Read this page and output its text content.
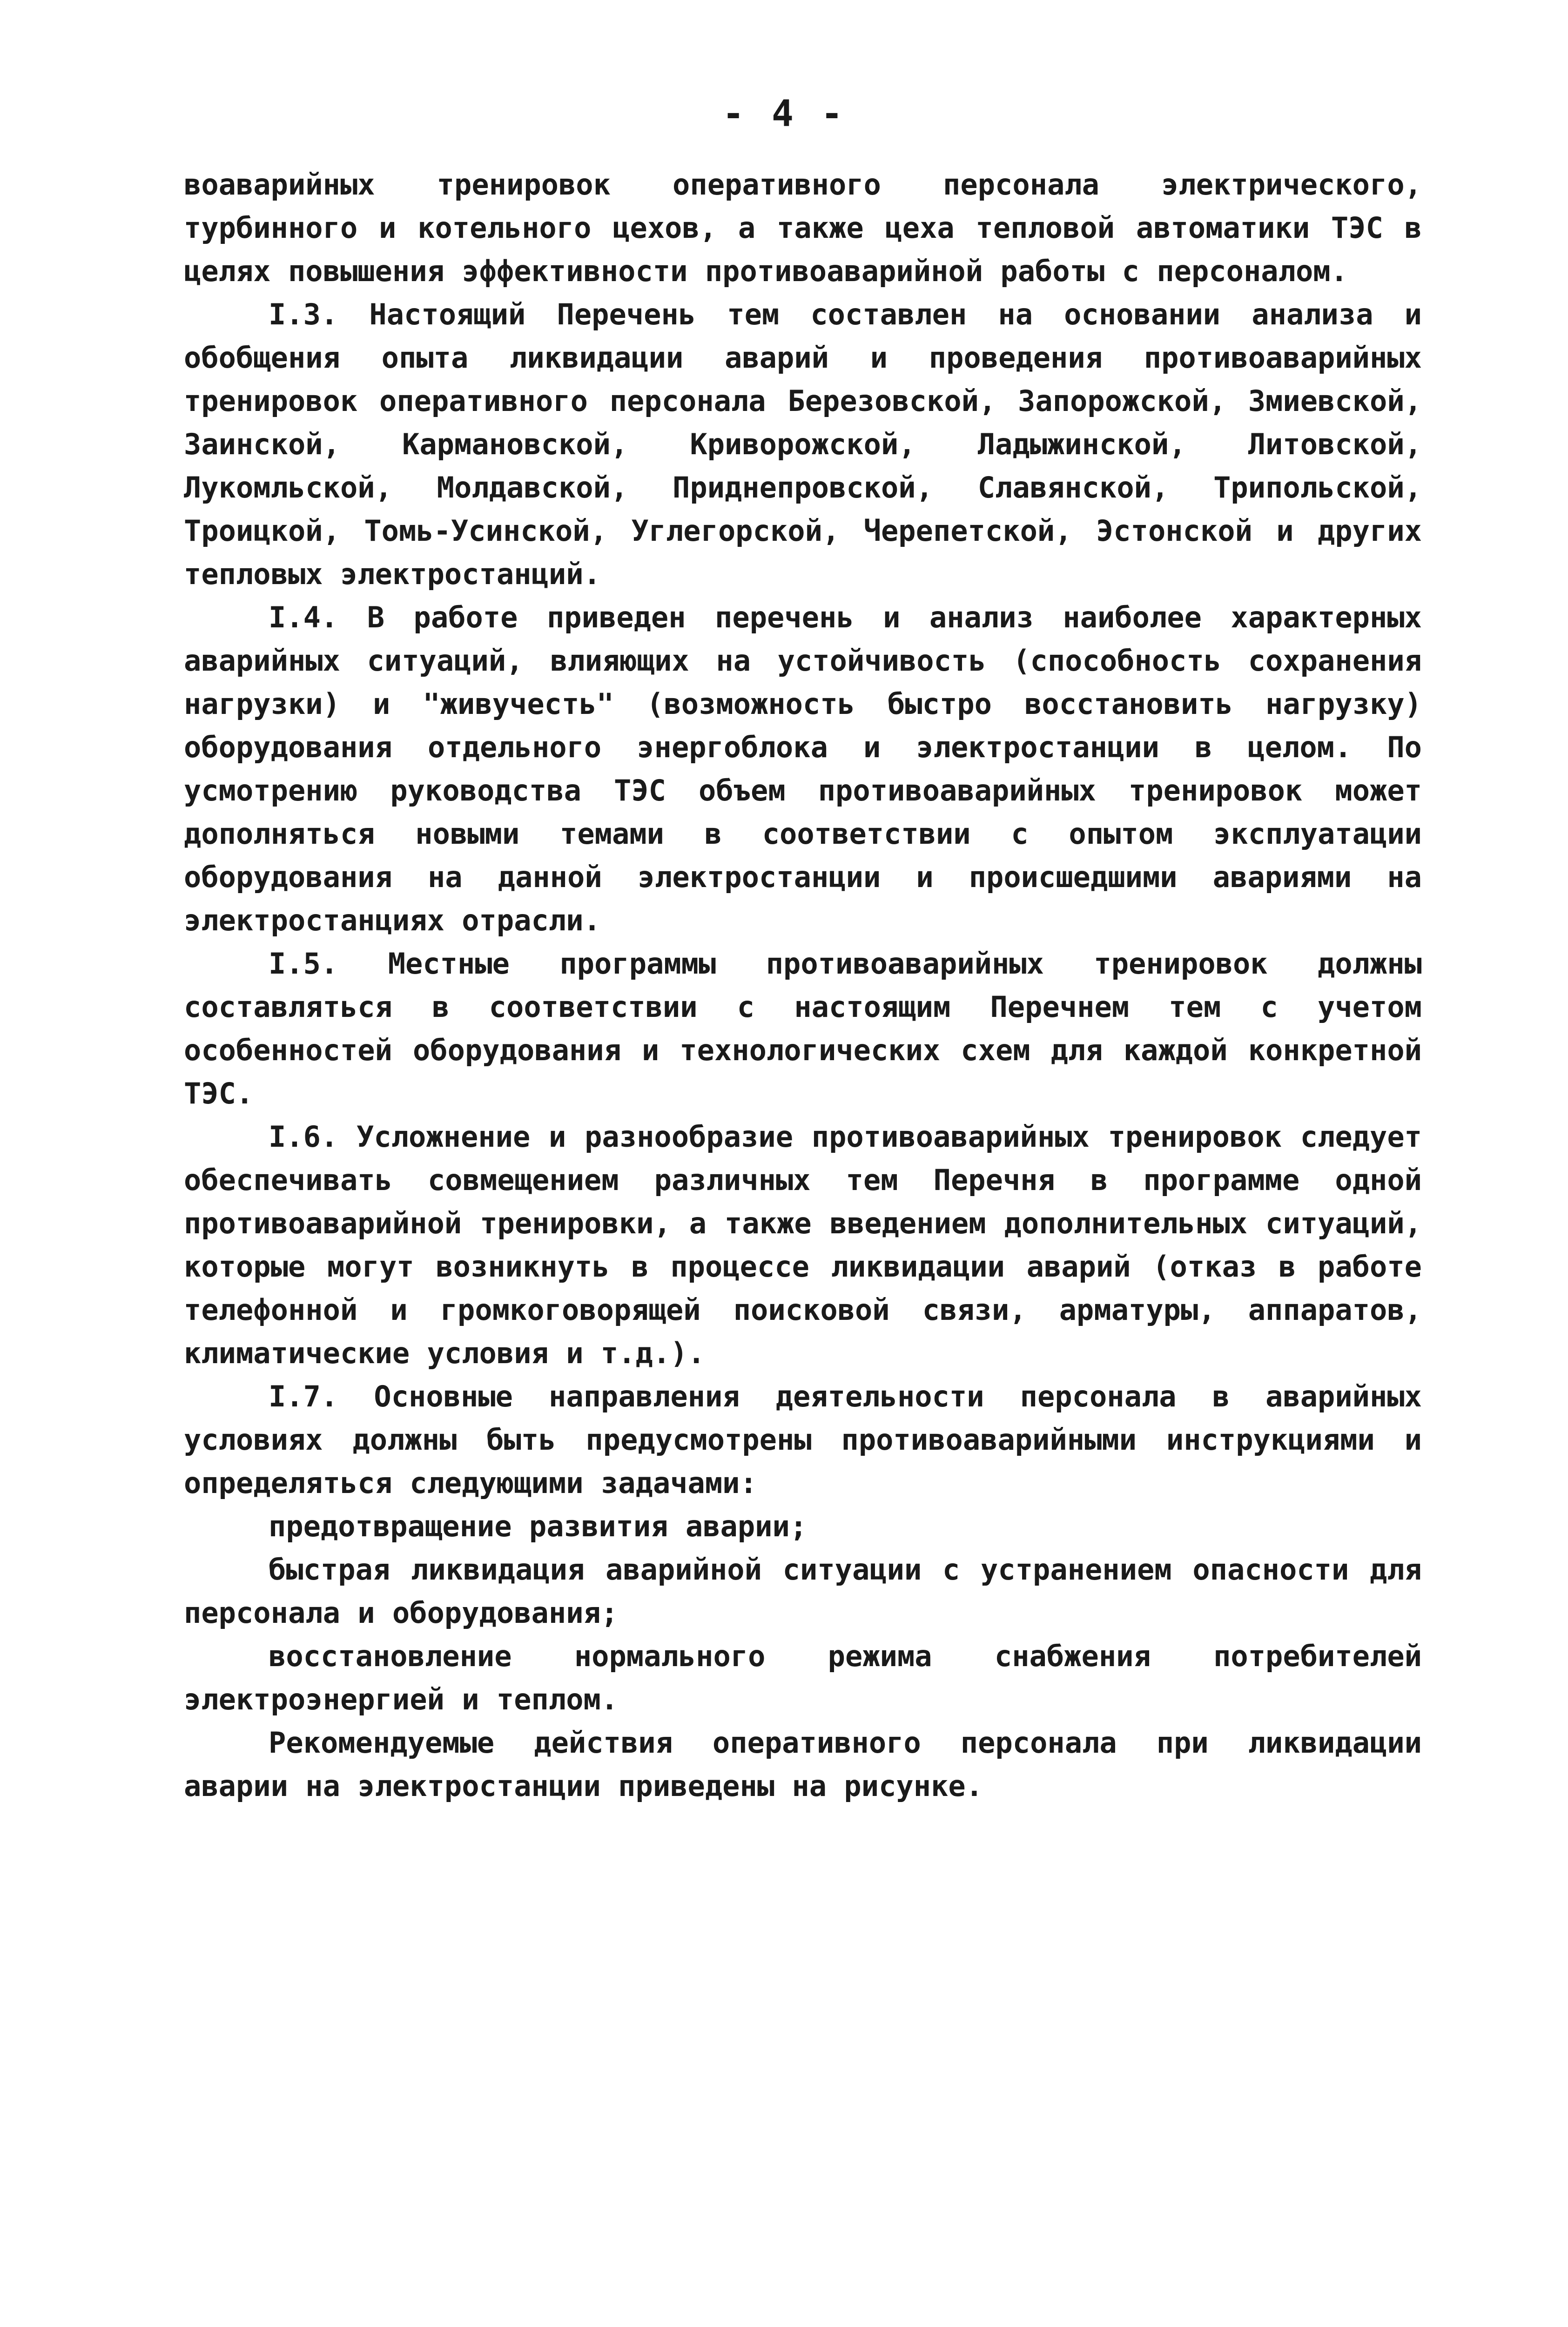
- 4 -

воаварийных тренировок оперативного персонала электрического, турбинного и котельного цехов, а также цеха тепловой автоматики ТЭС в целях повышения эффективности противоаварийной работы с персоналом.

I.3. Настоящий Перечень тем составлен на основании анализа и обобщения опыта ликвидации аварий и проведения противоаварийных тренировок оперативного персонала Березовской, Запорожской, Змиевской, Заинской, Кармановской, Криворожской, Ладыжинской, Литовской, Лукомльской, Молдавской, Приднепровской, Славянской, Трипольской, Троицкой, Томь-Усинской, Углегорской, Черепетской, Эстонской и других тепловых электростанций.

I.4. В работе приведен перечень и анализ наиболее характерных аварийных ситуаций, влияющих на устойчивость (способность сохранения нагрузки) и "живучесть" (возможность быстро восстановить нагрузку) оборудования отдельного энергоблока и электростанции в целом. По усмотрению руководства ТЭС объем противоаварийных тренировок может дополняться новыми темами в соответствии с опытом эксплуатации оборудования на данной электростанции и происшедшими авариями на электростанциях отрасли.

I.5. Местные программы противоаварийных тренировок должны составляться в соответствии с настоящим Перечнем тем с учетом особенностей оборудования и технологических схем для каждой конкретной ТЭС.

I.6. Усложнение и разнообразие противоаварийных тренировок следует обеспечивать совмещением различных тем Перечня в программе одной противоаварийной тренировки, а также введением дополнительных ситуаций, которые могут возникнуть в процессе ликвидации аварий (отказ в работе телефонной и громкоговорящей поисковой связи, арматуры, аппаратов, климатические условия и т.д.).

I.7. Основные направления деятельности персонала в аварийных условиях должны быть предусмотрены противоаварийными инструкциями и определяться следующими задачами:

предотвращение развития аварии;

быстрая ликвидация аварийной ситуации с устранением опасности для персонала и оборудования;

восстановление нормального режима снабжения потребителей электроэнергией и теплом.

Рекомендуемые действия оперативного персонала при ликвидации аварии на электростанции приведены на рисунке.
